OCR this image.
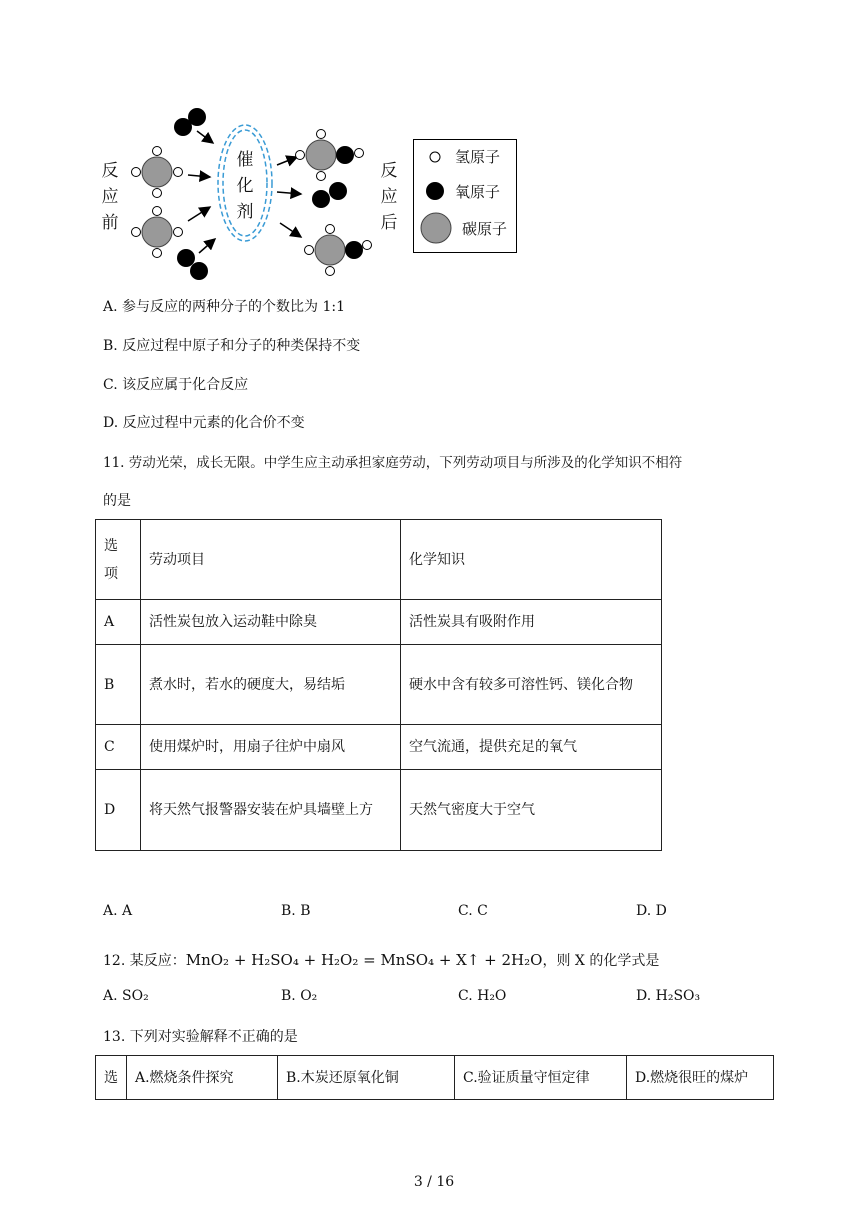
反
应
前
催
化
剂
反
应
后
氢原子
氧原子
碳原子
A. 参与反应的两种分子的个数比为 1:1
B. 反应过程中原子和分子的种类保持不变
C. 该反应属于化合反应
D. 反应过程中元素的化合价不变
11. 劳动光荣，成长无限。中学生应主动承担家庭劳动，下列劳动项目与所涉及的化学知识不相符
的是
选
项	劳动项目	化学知识
A	活性炭包放入运动鞋中除臭	活性炭具有吸附作用
B	煮水时，若水的硬度大，易结垢	硬水中含有较多可溶性钙、镁化合物
C	使用煤炉时，用扇子往炉中扇风	空气流通，提供充足的氧气
D	将天然气报警器安装在炉具墙壁上方	天然气密度大于空气
A. A	B. B	C. C	D. D
12. 某反应： MnO₂ + H₂SO₄ + H₂O₂ = MnSO₄ + X↑ + 2H₂O ，则 X 的化学式是
A. SO₂	B. O₂	C. H₂O	D. H₂SO₃
13. 下列对实验解释不正确的是
选	A.燃烧条件探究	B.木炭还原氧化铜	C.验证质量守恒定律	D.燃烧很旺的煤炉
3 / 16
